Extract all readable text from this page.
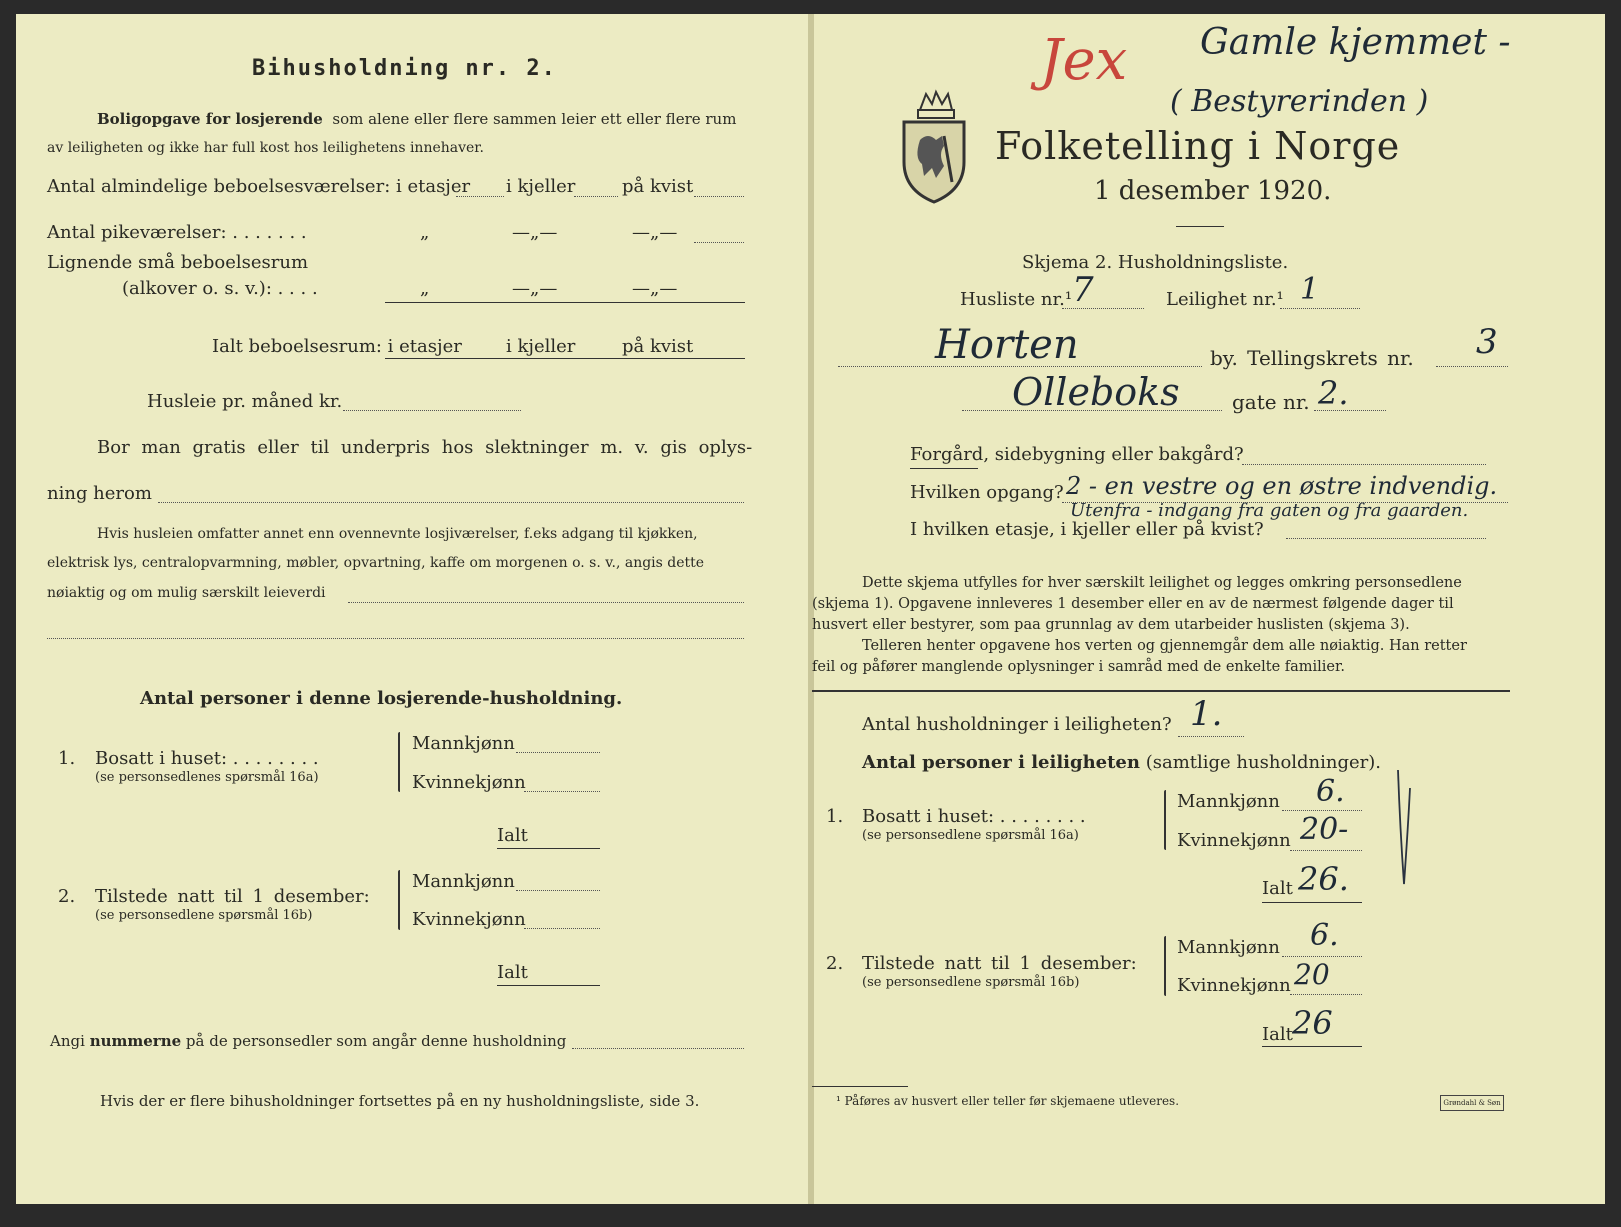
Bihusholdning nr. 2.
Boligopgave for losjerende som alene eller flere sammen leier ett eller flere rum
av leiligheten og ikke har full kost hos leilighetens innehaver.
Antal almindelige beboelsesværelser: i etasjer i kjeller	på kvist
Antal pikeværelser: . . . . . . .	„	—„—	—„—
Lignende små beboelsesrum
(alkover o. s. v.): . . . .	„	—„—	—„—
Ialt beboelsesrum: i etasjer i kjeller	på kvist
Husleie pr. måned kr.
Bor man gratis eller til underpris hos slektninger m. v. gis oplys-
ning herom
Hvis husleien omfatter annet enn ovennevnte losjiværelser, f.eks adgang til kjøkken,
elektrisk lys, centralopvarmning, møbler, opvartning, kaffe om morgenen o. s. v., angis dette
nøiaktig og om mulig særskilt leieverdi
Antal personer i denne losjerende-husholdning.
1. Bosatt i huset: . . . . . . . .
(se personsedlenes spørsmål 16a)
Mannkjønn
Kvinnekjønn
Ialt
2. Tilstede natt til 1 desember:
(se personsedlene spørsmål 16b)
Mannkjønn
Kvinnekjønn
Ialt
Angi nummerne på de personsedler som angår denne husholdning
Hvis der er flere bihusholdninger fortsettes på en ny husholdningsliste, side 3.
Folketelling i Norge
1 desember 1920.
Jex Gamle kjemmet -
( Bestyrerinden )
Skjema 2. Husholdningsliste.
Husliste nr.¹ 7	Leilighet nr.¹ 1
Horten	by. Tellingskrets nr. 3
Olleboks	gate nr. 2.
Forgård, sidebygning eller bakgård?
Hvilken opgang? 2 - en vestre og en østre indvendig.
Utenfra - indgang fra gaten og fra gaarden.
I hvilken etasje, i kjeller eller på kvist?
Dette skjema utfylles for hver særskilt leilighet og legges omkring personsedlene
(skjema 1). Opgavene innleveres 1 desember eller en av de nærmest følgende dager til
husvert eller bestyrer, som paa grunnlag av dem utarbeider huslisten (skjema 3).
Telleren henter opgavene hos verten og gjennemgår dem alle nøiaktig. Han retter
feil og påfører manglende oplysninger i samråd med de enkelte familier.
Antal husholdninger i leiligheten? 1.
Antal personer i leiligheten (samtlige husholdninger).
1. Bosatt i huset: . . . . . . . .
(se personsedlene spørsmål 16a)
Mannkjønn 6.
Kvinnekjønn 20-
Ialt 26.
2. Tilstede natt til 1 desember:
(se personsedlene spørsmål 16b)
Mannkjønn 6.
Kvinnekjønn 20
Ialt 26
¹ Påføres av husvert eller teller før skjemaene utleveres.	Grøndahl & Søn
